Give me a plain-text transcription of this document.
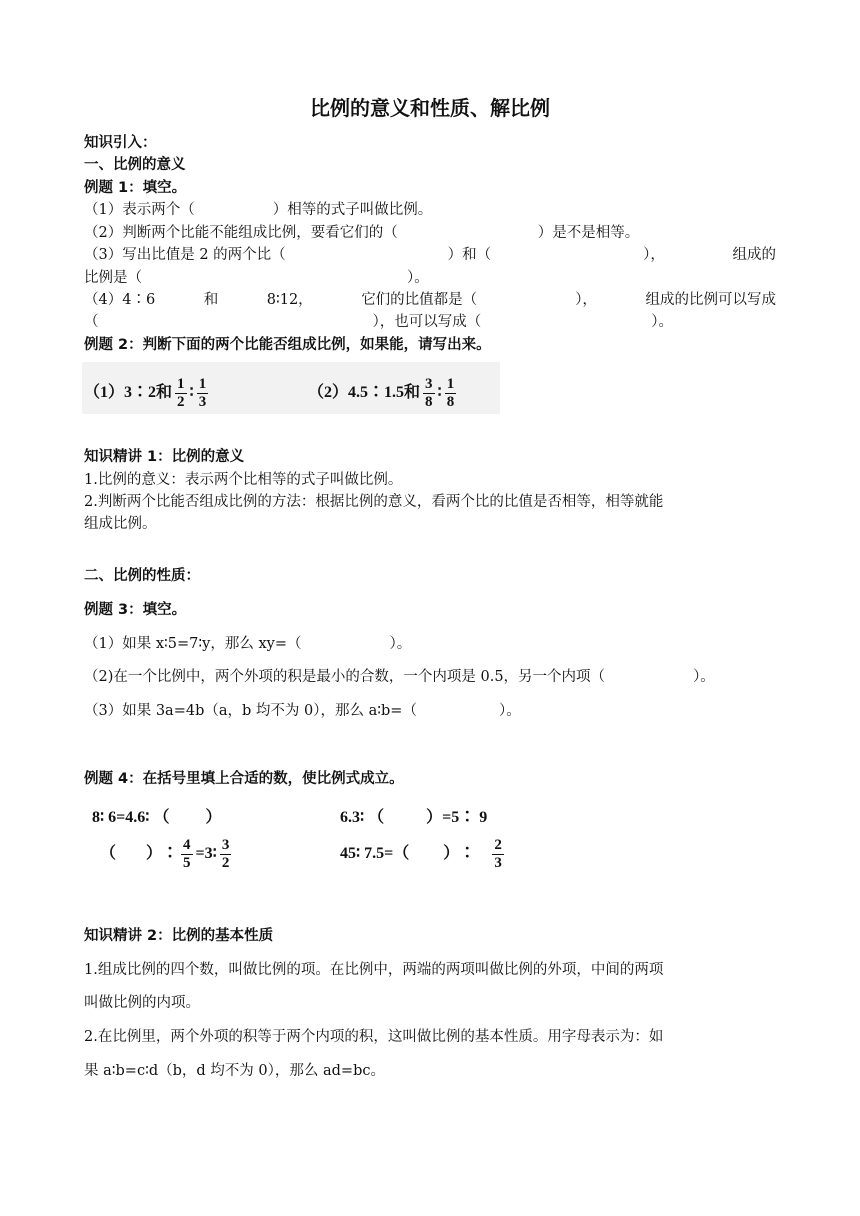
比例的意义和性质、解比例
知识引入：
一、比例的意义
例题 1：填空。
（1）表示两个（	）相等的式子叫做比例。
（2）判断两个比能不能组成比例，要看它们的（	）是不是相等。
（3）写出比值是 2 的两个比（	）和（	），	组成的
比例是（	）。
（4）4∶6	和	8∶12，	它们的比值都是（	），	组成的比例可以写成
（	），也可以写成（	）。
例题 2：判断下面的两个比能否组成比例，如果能，请写出来。
（1）3∶2和 $\frac{1}{2}$ ∶ $\frac{1}{3}$	（2）4.5∶1.5和 $\frac{3}{8}$ ∶ $\frac{1}{8}$
知识精讲 1：比例的意义
1.比例的意义：表示两个比相等的式子叫做比例。
2.判断两个比能否组成比例的方法：根据比例的意义，看两个比的比值是否相等，相等就能
组成比例。
二、比例的性质：
例题 3：填空。
（1）如果 x∶5=7∶y，那么 xy=（	）。
（2)在一个比例中，两个外项的积是最小的合数，一个内项是 0.5，另一个内项（	）。
（3）如果 3a=4b（a，b 均不为 0），那么 a∶b=（	）。
例题 4：在括号里填上合适的数，使比例式成立。
8∶ 6=4.6∶ （ ）	6.3∶ （	）=5∶ 9
（ ）∶ $\frac{4}{5}$ =3∶ $\frac{3}{2}$	45∶ 7.5=（ ）∶ $\frac{2}{3}$
知识精讲 2：比例的基本性质
1.组成比例的四个数，叫做比例的项。在比例中，两端的两项叫做比例的外项，中间的两项
叫做比例的内项。
2.在比例里，两个外项的积等于两个内项的积，这叫做比例的基本性质。用字母表示为：如
果 a∶b=c∶d（b，d 均不为 0），那么 ad=bc。
